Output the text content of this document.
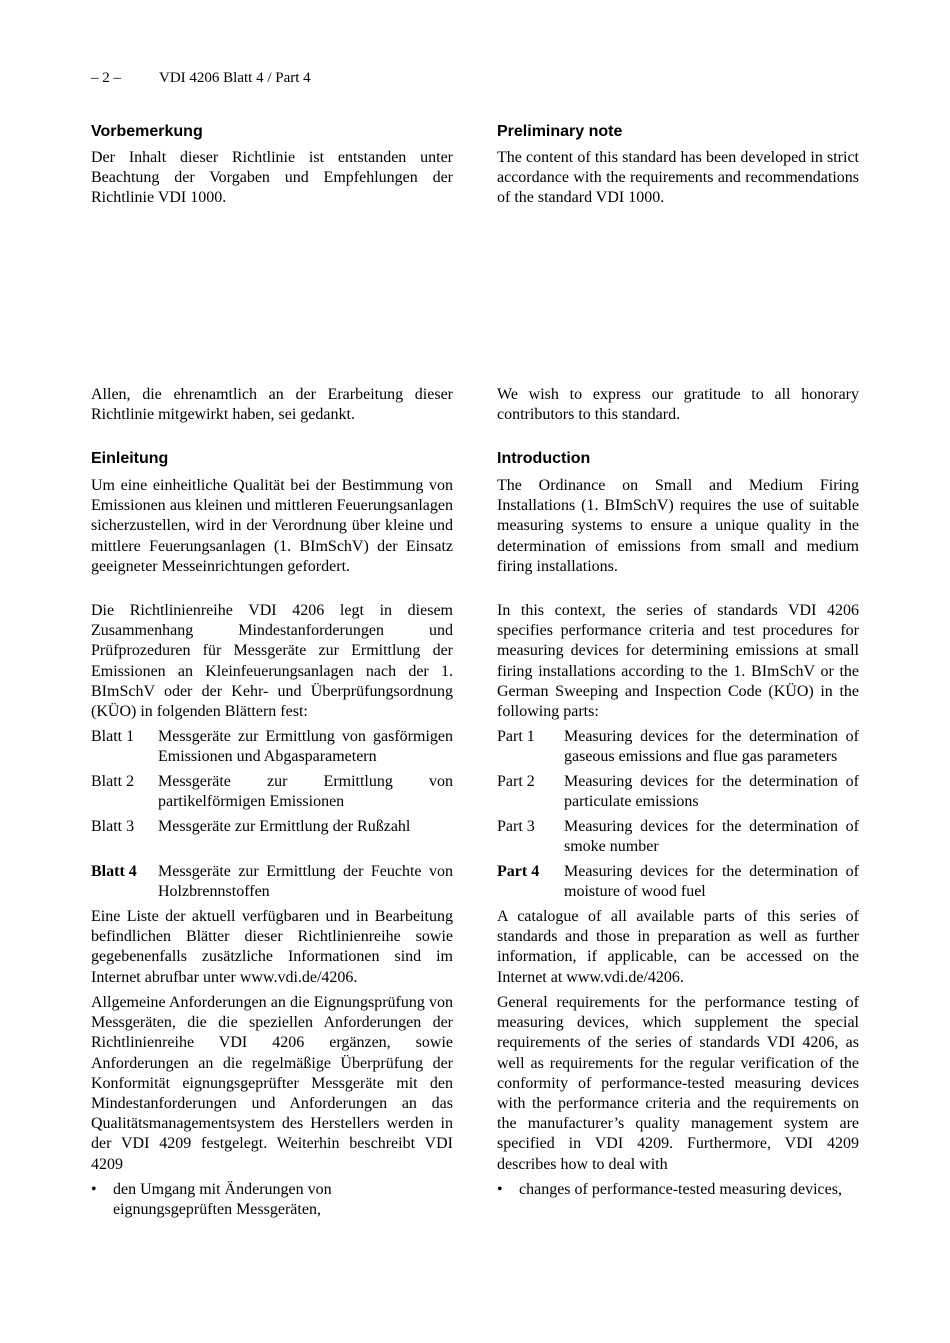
– 2 –	VDI 4206 Blatt 4 / Part 4
Vorbemerkung

Der Inhalt dieser Richtlinie ist entstanden unter Beachtung der Vorgaben und Empfehlungen der Richtlinie VDI 1000.

Allen, die ehrenamtlich an der Erarbeitung dieser Richtlinie mitgewirkt haben, sei gedankt.

Einleitung

Um eine einheitliche Qualität bei der Bestimmung von Emissionen aus kleinen und mittleren Feuerungsanlagen sicherzustellen, wird in der Verordnung über kleine und mittlere Feuerungsanlagen (1. BImSchV) der Einsatz geeigneter Messeinrichtungen gefordert.

Die Richtlinienreihe VDI 4206 legt in diesem Zusammenhang Mindestanforderungen und Prüfprozeduren für Messgeräte zur Ermittlung der Emissionen an Kleinfeuerungsanlagen nach der 1. BImSchV oder der Kehr- und Überprüfungsordnung (KÜO) in folgenden Blättern fest:

Blatt 1	Messgeräte zur Ermittlung von gasförmigen Emissionen und Abgasparametern
Blatt 2	Messgeräte zur Ermittlung von partikelförmigen Emissionen
Blatt 3	Messgeräte zur Ermittlung der Rußzahl
Blatt 4	Messgeräte zur Ermittlung der Feuchte von Holzbrennstoffen

Eine Liste der aktuell verfügbaren und in Bearbeitung befindlichen Blätter dieser Richtlinienreihe sowie gegebenenfalls zusätzliche Informationen sind im Internet abrufbar unter www.vdi.de/4206.

Allgemeine Anforderungen an die Eignungsprüfung von Messgeräten, die die speziellen Anforderungen der Richtlinienreihe VDI 4206 ergänzen, sowie Anforderungen an die regelmäßige Überprüfung der Konformität eignungsgeprüfter Messgeräte mit den Mindestanforderungen und Anforderungen an das Qualitätsmanagementsystem des Herstellers werden in der VDI 4209 festgelegt. Weiterhin beschreibt VDI 4209

•	den Umgang mit Änderungen von eignungsgeprüften Messgeräten,
Preliminary note

The content of this standard has been developed in strict accordance with the requirements and recommendations of the standard VDI 1000.

We wish to express our gratitude to all honorary contributors to this standard.

Introduction

The Ordinance on Small and Medium Firing Installations (1. BImSchV) requires the use of suitable measuring systems to ensure a unique quality in the determination of emissions from small and medium firing installations.

In this context, the series of standards VDI 4206 specifies performance criteria and test procedures for measuring devices for determining emissions at small firing installations according to the 1. BImSchV or the German Sweeping and Inspection Code (KÜO) in the following parts:

Part 1	Measuring devices for the determination of gaseous emissions and flue gas parameters
Part 2	Measuring devices for the determination of particulate emissions
Part 3	Measuring devices for the determination of smoke number
Part 4	Measuring devices for the determination of moisture of wood fuel

A catalogue of all available parts of this series of standards and those in preparation as well as further information, if applicable, can be accessed on the Internet at www.vdi.de/4206.

General requirements for the performance testing of measuring devices, which supplement the special requirements of the series of standards VDI 4206, as well as requirements for the regular verification of the conformity of performance-tested measuring devices with the performance criteria and the requirements on the manufacturer’s quality management system are specified in VDI 4209. Furthermore, VDI 4209 describes how to deal with

•	changes of performance-tested measuring devices,
